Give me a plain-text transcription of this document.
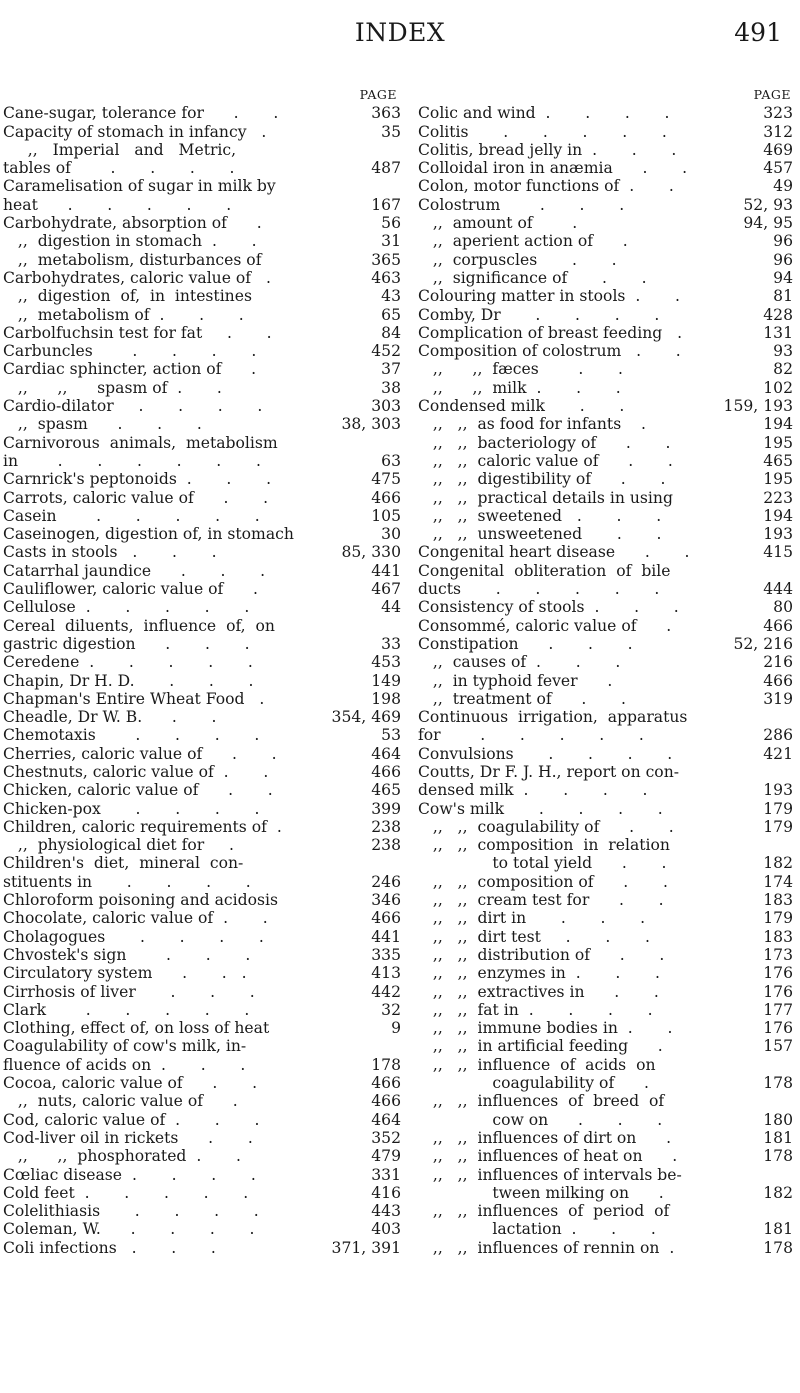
INDEX	491
PAGE
Cane-sugar, tolerance for      .       .	363
Capacity of stomach in infancy   .	35
,,   Imperial   and   Metric,
tables of        .       .       .       .	487
Caramelisation of sugar in milk by
heat      .       .       .       .       .	167
Carbohydrate, absorption of      .	56
,,  digestion in stomach  .       .	31
,,  metabolism, disturbances of	365
Carbohydrates, caloric value of   .	463
,,  digestion  of,  in  intestines	43
,,  metabolism of  .       .       .	65
Carbolfuchsin test for fat     .       .	84
Carbuncles        .       .       .       .	452
Cardiac sphincter, action of      .	37
,,      ,,      spasm of  .       .	38
Cardio-dilator     .       .       .       .	303
,,  spasm      .       .       .	38, 303
Carnivorous  animals,  metabolism
in        .       .       .       .       .       .	63
Carnrick's peptonoids  .       .       .	475
Carrots, caloric value of      .       .	466
Casein        .       .       .       .       .	105
Caseinogen, digestion of, in stomach	30
Casts in stools   .       .       .	85, 330
Catarrhal jaundice      .       .       .	441
Cauliflower, caloric value of      .	467
Cellulose  .       .       .       .       .	44
Cereal  diluents,  influence  of,  on
gastric digestion      .       .       .	33
Ceredene  .       .       .       .       .	453
Chapin, Dr H. D.       .       .       .	149
Chapman's Entire Wheat Food   .	198
Cheadle, Dr W. B.      .       .	354, 469
Chemotaxis        .       .       .       .	53
Cherries, caloric value of      .       .	464
Chestnuts, caloric value of  .       .	466
Chicken, caloric value of      .       .	465
Chicken-pox       .       .       .       .	399
Children, caloric requirements of  .	238
,,  physiological diet for     .	238
Children's  diet,  mineral  con-
stituents in       .       .       .       .	246
Chloroform poisoning and acidosis	346
Chocolate, caloric value of  .       .	466
Cholagogues       .       .       .       .	441
Chvostek's sign        .       .       .	335
Circulatory system      .       .   .	413
Cirrhosis of liver       .       .       .	442
Clark        .       .       .       .       .	32
Clothing, effect of, on loss of heat	9
Coagulability of cow's milk, in-
fluence of acids on  .       .       .	178
Cocoa, caloric value of      .       .	466
,,  nuts, caloric value of      .	466
Cod, caloric value of  .       .       .	464
Cod-liver oil in rickets      .       .	352
,,      ,,  phosphorated  .       .	479
Cœliac disease  .       .       .       .	331
Cold feet  .       .       .       .       .	416
Colelithiasis       .       .       .       .	443
Coleman, W.      .       .       .       .	403
Coli infections   .       .       .	371, 391
PAGE
Colic and wind  .       .       .       .	323
Colitis       .       .       .       .       .	312
Colitis, bread jelly in  .       .       .	469
Colloidal iron in anæmia      .       .	457
Colon, motor functions of  .       .	49
Colostrum        .       .       .	52, 93
,,  amount of        .	94, 95
,,  aperient action of      .	96
,,  corpuscles       .       .	96
,,  significance of       .       .	94
Colouring matter in stools  .       .	81
Comby, Dr       .       .       .       .	428
Complication of breast feeding   .	131
Composition of colostrum   .       .	93
,,      ,,  fæces        .       .	82
,,      ,,  milk  .       .       .	102
Condensed milk       .       .	159, 193
,,   ,,  as food for infants    .	194
,,   ,,  bacteriology of      .       .	195
,,   ,,  caloric value of      .       .	465
,,   ,,  digestibility of      .       .	195
,,   ,,  practical details in using	223
,,   ,,  sweetened   .       .       .	194
,,   ,,  unsweetened       .       .	193
Congenital heart disease      .       .	415
Congenital  obliteration  of  bile
ducts       .       .       .       .       .	444
Consistency of stools  .       .       .	80
Consommé, caloric value of      .	466
Constipation      .       .       .	52, 216
,,  causes of  .       .       .	216
,,  in typhoid fever      .	466
,,  treatment of      .       .	319
Continuous  irrigation,  apparatus
for        .       .       .       .       .	286
Convulsions       .       .       .       .	421
Coutts, Dr F. J. H., report on con-
densed milk  .       .       .       .	193
Cow's milk       .       .       .       .	179
,,   ,,  coagulability of      .       .	179
,,   ,,  composition  in  relation
to total yield      .       .	182
,,   ,,  composition of      .       .	174
,,   ,,  cream test for      .       .	183
,,   ,,  dirt in       .       .       .	179
,,   ,,  dirt test     .       .       .	183
,,   ,,  distribution of      .       .	173
,,   ,,  enzymes in  .       .       .	176
,,   ,,  extractives in      .       .	176
,,   ,,  fat in  .       .       .       .	177
,,   ,,  immune bodies in  .       .	176
,,   ,,  in artificial feeding      .	157
,,   ,,  influence  of  acids  on
coagulability of      .	178
,,   ,,  influences  of  breed  of
cow on      .       .       .	180
,,   ,,  influences of dirt on      .	181
,,   ,,  influences of heat on      .	178
,,   ,,  influences of intervals be-
tween milking on      .	182
,,   ,,  influences  of  period  of
lactation  .       .       .	181
,,   ,,  influences of rennin on  .	178
